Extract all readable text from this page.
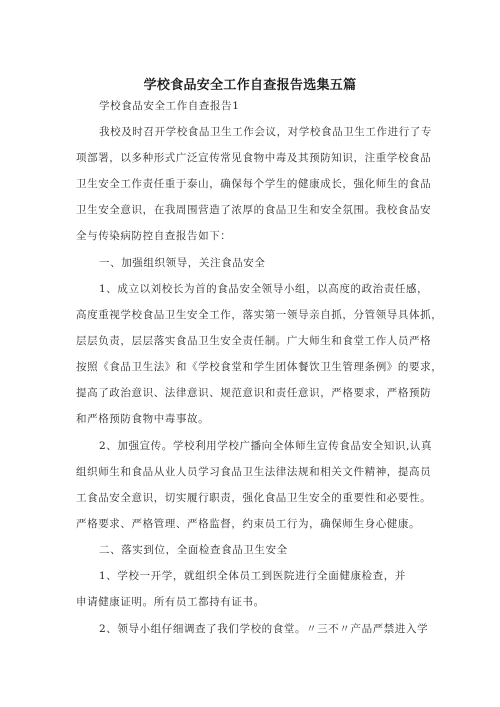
学校食品安全工作自查报告选集五篇
学校食品安全工作自查报告1
我校及时召开学校食品卫生工作会议，对学校食品卫生工作进行了专
项部署，以多种形式广泛宣传常见食物中毒及其预防知识，注重学校食品
卫生安全工作责任重于泰山，确保每个学生的健康成长，强化师生的食品
卫生安全意识，在我周围营造了浓厚的食品卫生和安全氛围。我校食品安
全与传染病防控自查报告如下：
一、加强组织领导，关注食品安全
1、成立以刘校长为首的食品安全领导小组，以高度的政治责任感，
高度重视学校食品卫生安全工作，落实第一领导亲自抓，分管领导具体抓，
层层负责，层层落实食品卫生安全责任制。广大师生和食堂工作人员严格
按照《食品卫生法》和《学校食堂和学生团体餐饮卫生管理条例》的要求，
提高了政治意识、法律意识、规范意识和责任意识，严格要求，严格预防
和严格预防食物中毒事故。
2、加强宣传。学校利用学校广播向全体师生宣传食品安全知识,认真
组织师生和食品从业人员学习食品卫生法律法规和相关文件精神，提高员
工食品安全意识，切实履行职责，强化食品卫生安全的重要性和必要性。
严格要求、严格管理、严格监督，约束员工行为，确保师生身心健康。
二、落实到位，全面检查食品卫生安全
1、学校一开学，就组织全体员工到医院进行全面健康检查，并
申请健康证明。所有员工都持有证书。
2、领导小组仔细调查了我们学校的食堂。〃三不〃产品严禁进入学
